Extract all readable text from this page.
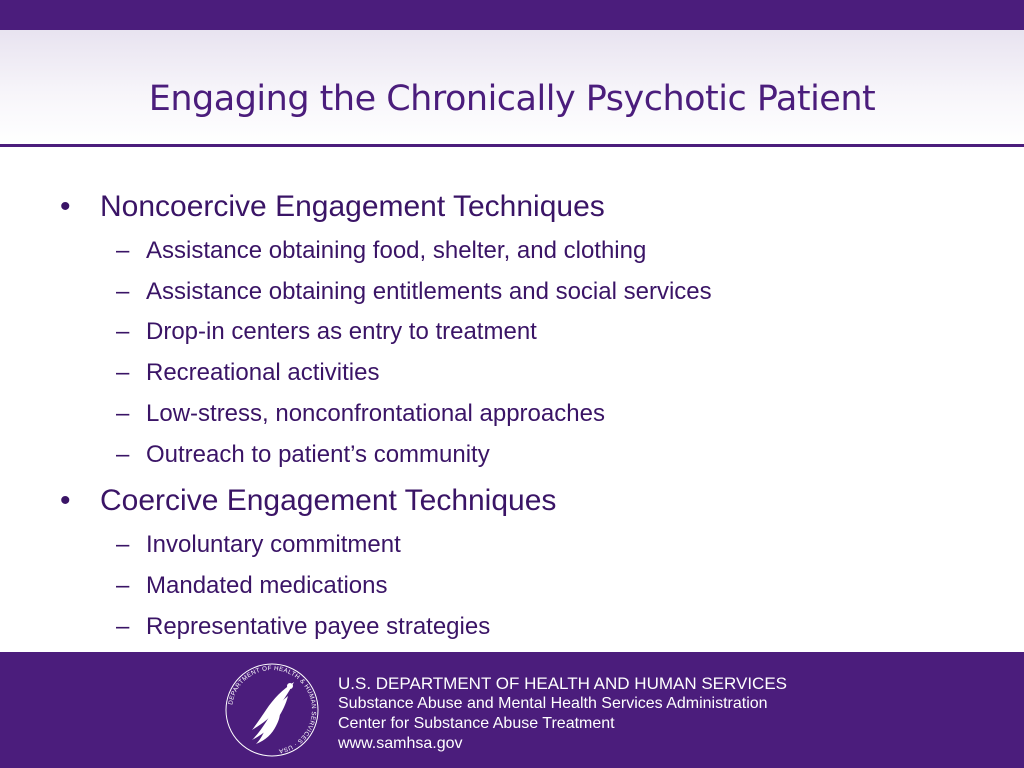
Engaging the Chronically Psychotic Patient
• Noncoercive Engagement Techniques
– Assistance obtaining food, shelter, and clothing
– Assistance obtaining entitlements and social services
– Drop-in centers as entry to treatment
– Recreational activities
– Low-stress, nonconfrontational approaches
– Outreach to patient’s community
• Coercive Engagement Techniques
– Involuntary commitment
– Mandated medications
– Representative payee strategies
DEPARTMENT OF HEALTH & HUMAN SERVICES · USA
U.S. DEPARTMENT OF HEALTH AND HUMAN SERVICES
Substance Abuse and Mental Health Services Administration
Center for Substance Abuse Treatment
www.samhsa.gov
